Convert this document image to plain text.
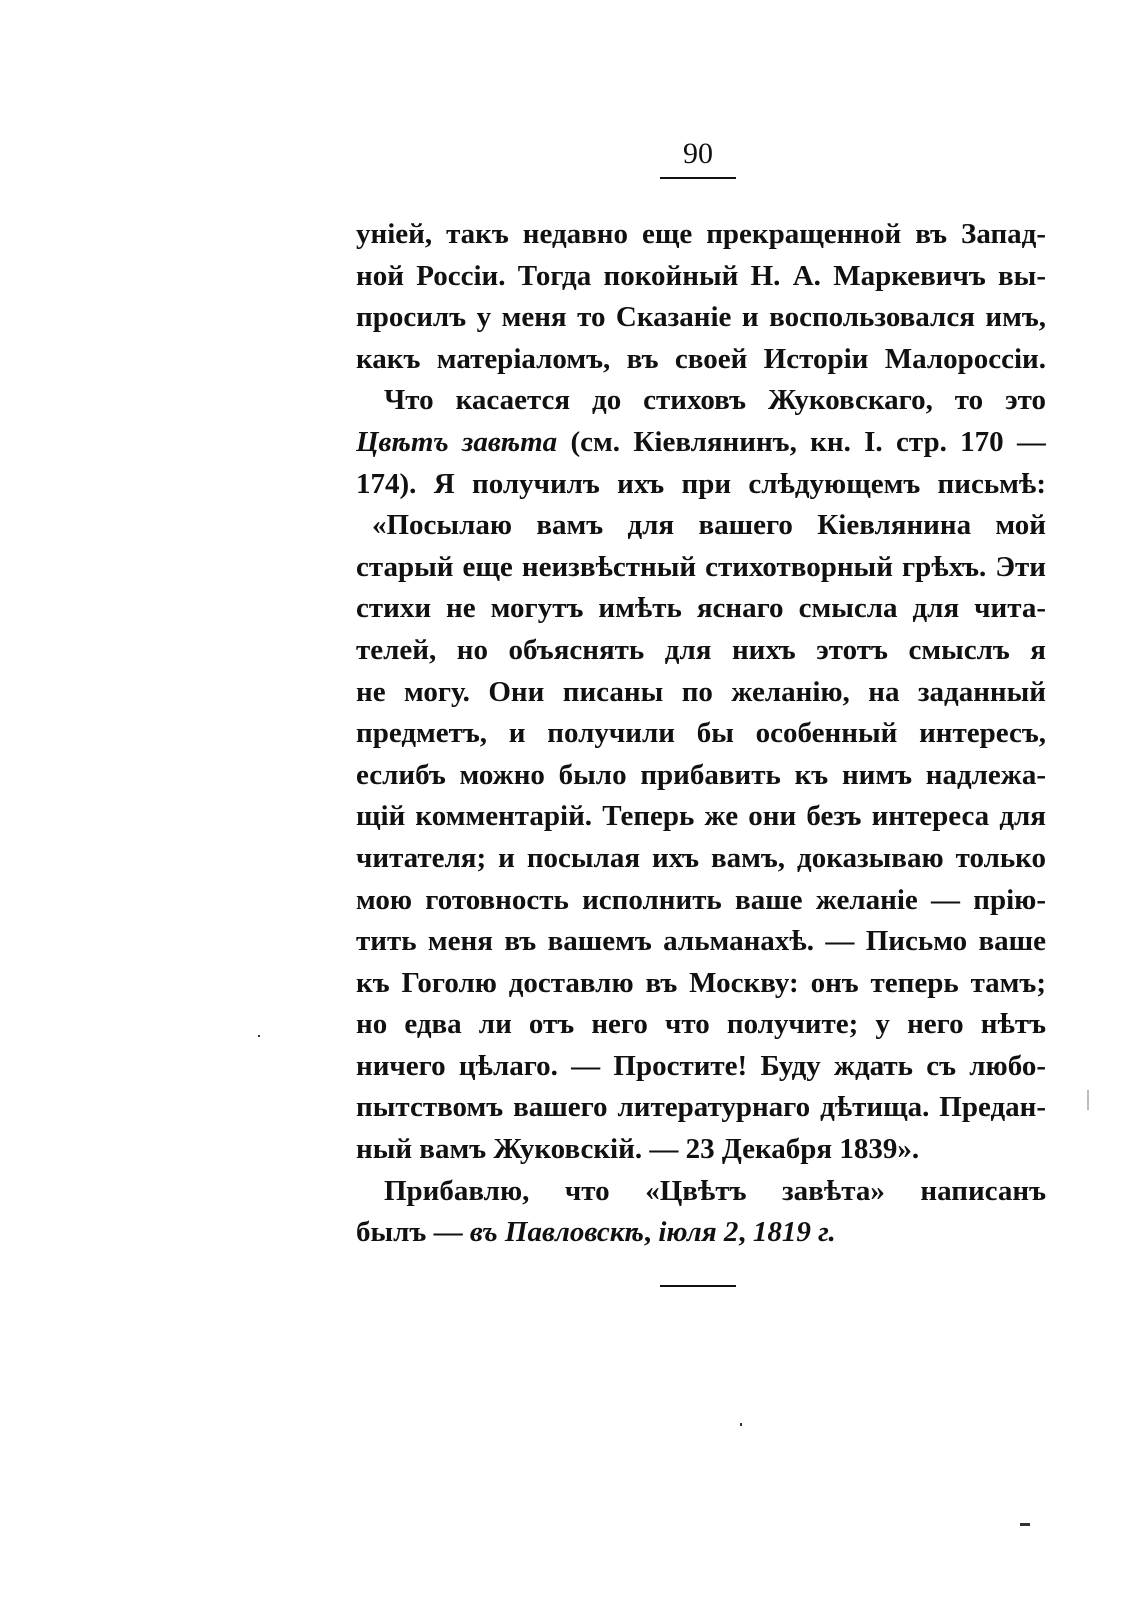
90
уніей, такъ недавно еще прекращенной въ Запад-
ной Россіи. Тогда покойный Н. А. Маркевичъ вы-
просилъ у меня то Сказаніе и воспользовался имъ,
какъ матеріаломъ, въ своей Исторіи Малороссіи.
Что касается до стиховъ Жуковскаго, то это
Цвѣтъ завѣта (см. Кіевлянинъ, кн. I. стр. 170 —
174). Я получилъ ихъ при слѣдующемъ письмѣ:
«Посылаю вамъ для вашего Кіевлянина мой
старый еще неизвѣстный стихотворный грѣхъ. Эти
стихи не могутъ имѣть яснаго смысла для чита-
телей, но объяснять для нихъ этотъ смыслъ я
не могу. Они писаны по желанію, на заданный
предметъ, и получили бы особенный интересъ,
еслибъ можно было прибавить къ нимъ надлежа-
щій комментарій. Теперь же они безъ интереса для
читателя; и посылая ихъ вамъ, доказываю только
мою готовность исполнить ваше желаніе — прію-
тить меня въ вашемъ альманахѣ. — Письмо ваше
къ Гоголю доставлю въ Москву: онъ теперь тамъ;
но едва ли отъ него что получите; у него нѣтъ
ничего цѣлаго. — Простите! Буду ждать съ любо-
пытствомъ вашего литературнаго дѣтища. Предан-
ный вамъ Жуковскій. — 23 Декабря 1839».
Прибавлю, что «Цвѣтъ завѣта» написанъ
былъ — въ Павловскѣ, іюля 2, 1819 г.
